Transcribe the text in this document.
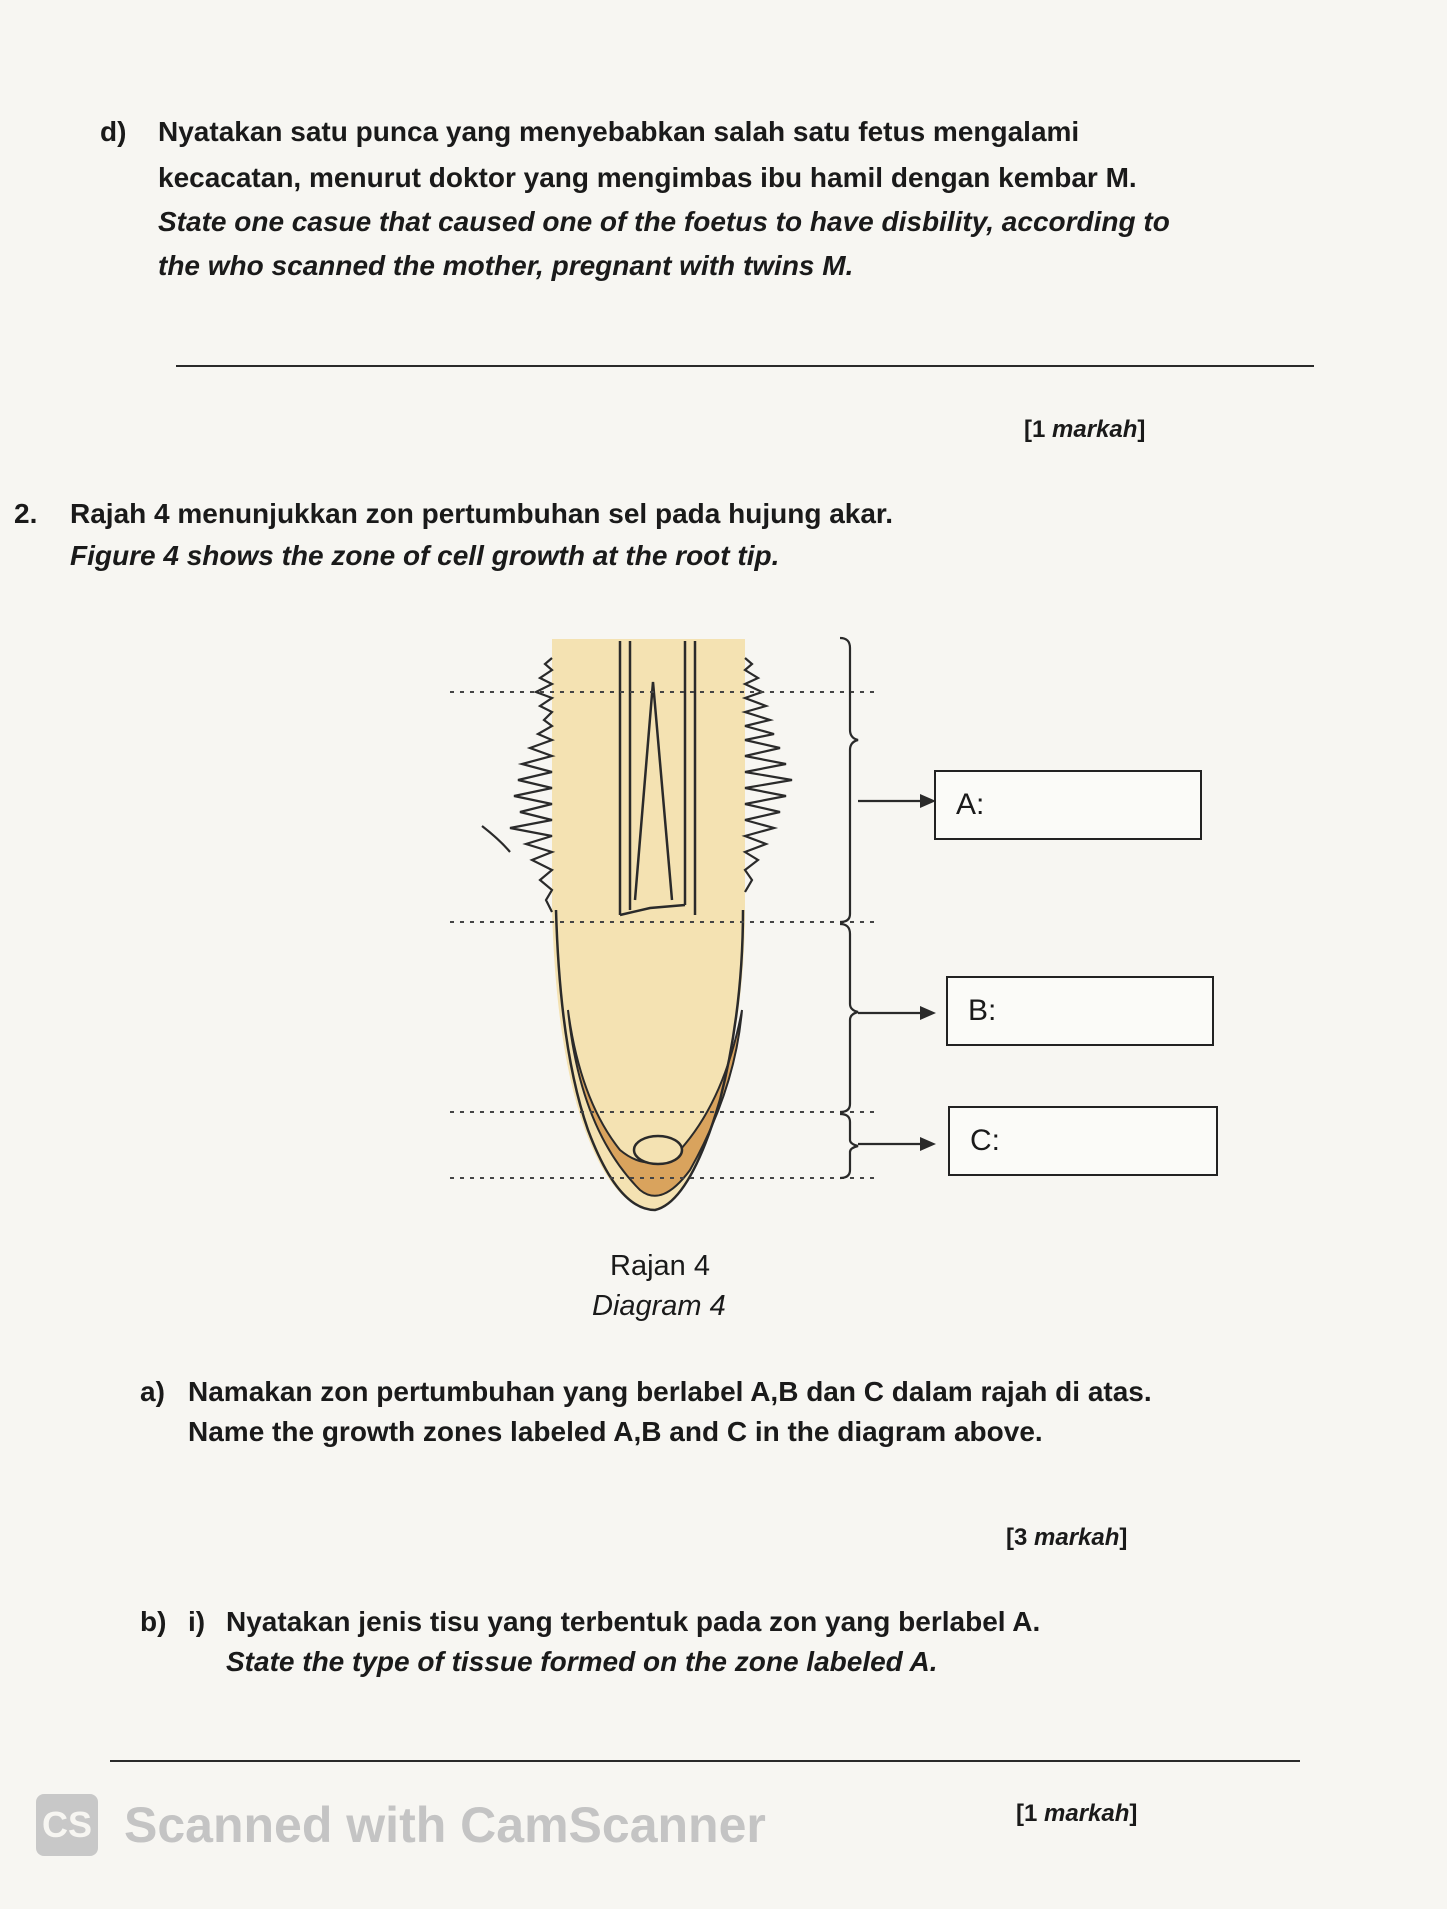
d) Nyatakan satu punca yang menyebabkan salah satu fetus mengalami
kecacatan, menurut doktor yang mengimbas ibu hamil dengan kembar M.
State one casue that caused one of the foetus to have disbility, according to
the who scanned the mother, pregnant with twins M.
[1 markah]
2. Rajah 4 menunjukkan zon pertumbuhan sel pada hujung akar.
Figure 4 shows the zone of cell growth at the root tip.
A:
B:
C:
Rajan 4
Diagram 4
a) Namakan zon pertumbuhan yang berlabel A,B dan C dalam rajah di atas.
Name the growth zones labeled A,B and C in the diagram above.
[3 markah]
b) i) Nyatakan jenis tisu yang terbentuk pada zon yang berlabel A.
State the type of tissue formed on the zone labeled A.
CS Scanned with CamScanner	[1 markah]
